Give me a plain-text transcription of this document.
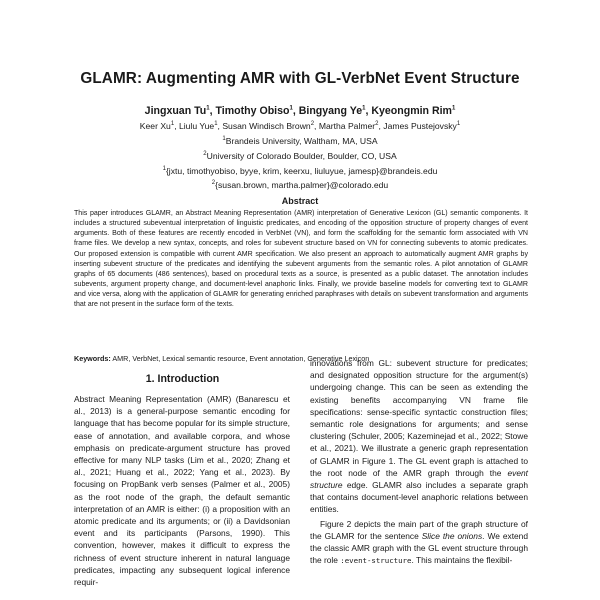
GLAMR: Augmenting AMR with GL-VerbNet Event Structure
Jingxuan Tu$^1$, Timothy Obiso$^1$, Bingyang Ye$^1$, Kyeongmin Rim$^1$
Keer Xu$^1$, Liulu Yue$^1$, Susan Windisch Brown$^2$, Martha Palmer$^2$, James Pustejovsky$^1$
$^1$Brandeis University, Waltham, MA, USA
$^2$University of Colorado Boulder, Boulder, CO, USA
$^1${jxtu, timothyobiso, byye, krim, keerxu, liuluyue, jamesp}@brandeis.edu
$^2${susan.brown, martha.palmer}@colorado.edu
Abstract
This paper introduces GLAMR, an Abstract Meaning Representation (AMR) interpretation of Generative Lexicon (GL) semantic components. It includes a structured subeventual interpretation of linguistic predicates, and encoding of the opposition structure of property changes of event arguments. Both of these features are recently encoded in VerbNet (VN), and form the scaffolding for the semantic form associated with VN frame files. We develop a new syntax, concepts, and roles for subevent structure based on VN for connecting subevents to atomic predicates. Our proposed extension is compatible with current AMR specification. We also present an approach to automatically augment AMR graphs by inserting subevent structure of the predicates and identifying the subevent arguments from the semantic roles. A pilot annotation of GLAMR graphs of 65 documents (486 sentences), based on procedural texts as a source, is presented as a public dataset. The annotation includes subevents, argument property change, and document-level anaphoric links. Finally, we provide baseline models for converting text to GLAMR and vice versa, along with the application of GLAMR for generating enriched paraphrases with details on subevent transformation and arguments that are not present in the surface form of the texts.
Keywords: AMR, VerbNet, Lexical semantic resource, Event annotation, Generative Lexicon
1. Introduction

Abstract Meaning Representation (AMR) (Banarescu et al., 2013) is a general-purpose semantic encoding for language that has become popular for its simple structure, ease of annotation, and available corpora, and whose emphasis on predicate-argument structure has proved effective for many NLP tasks (Lim et al., 2020; Zhang et al., 2021; Huang et al., 2022; Yang et al., 2023). By focusing on PropBank verb senses (Palmer et al., 2005) as the root node of the graph, the default semantic interpretation of an AMR is either: (i) a proposition with an atomic predicate and its arguments; or (ii) a Davidsonian event and its participants (Parsons, 1990). This convention, however, makes it difficult to express the richness of event structure inherent in natural language predicates, impacting any subsequent logical inference requir-

innovations from GL: subevent structure for predicates; and designated opposition structure for the argument(s) undergoing change. This can be seen as extending the existing benefits accompanying VN frame file specifications: sense-specific syntactic construction files; semantic role designations for arguments; and sense clustering (Schuler, 2005; Kazeminejad et al., 2022; Stowe et al., 2021). We illustrate a generic graph representation of GLAMR in Figure 1. The GL event graph is attached to the root node of the AMR graph through the event structure edge. GLAMR also includes a separate graph that contains document-level anaphoric relations between entities.

Figure 2 depicts the main part of the graph structure of the GLAMR for the sentence Slice the onions. We extend the classic AMR graph with the GL event structure through the role :event-structure. This maintains the flexibil-
